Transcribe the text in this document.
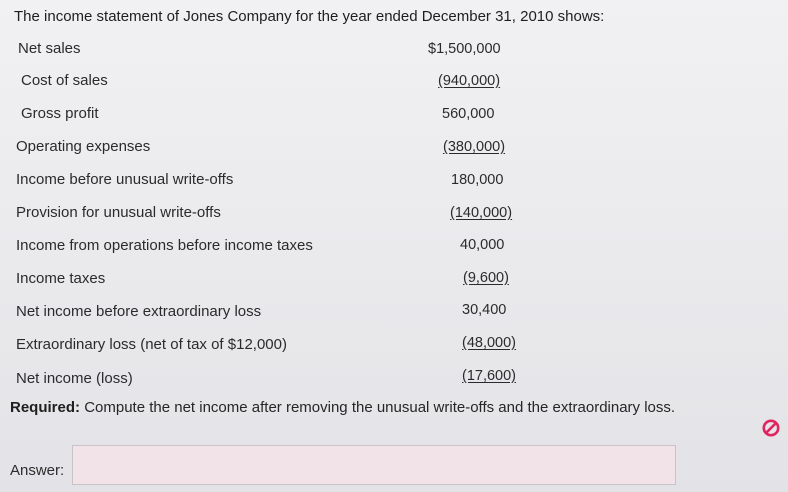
The income statement of Jones Company for the year ended December 31, 2010 shows:
Net sales	$1,500,000
Cost of sales	(940,000)
Gross profit	560,000
Operating expenses	(380,000)
Income before unusual write-offs	180,000
Provision for unusual write-offs	(140,000)
Income from operations before income taxes	40,000
Income taxes	(9,600)
Net income before extraordinary loss	30,400
Extraordinary loss (net of tax of $12,000)	(48,000)
Net income (loss)	(17,600)
Required: Compute the net income after removing the unusual write-offs and the extraordinary loss.
Answer:
